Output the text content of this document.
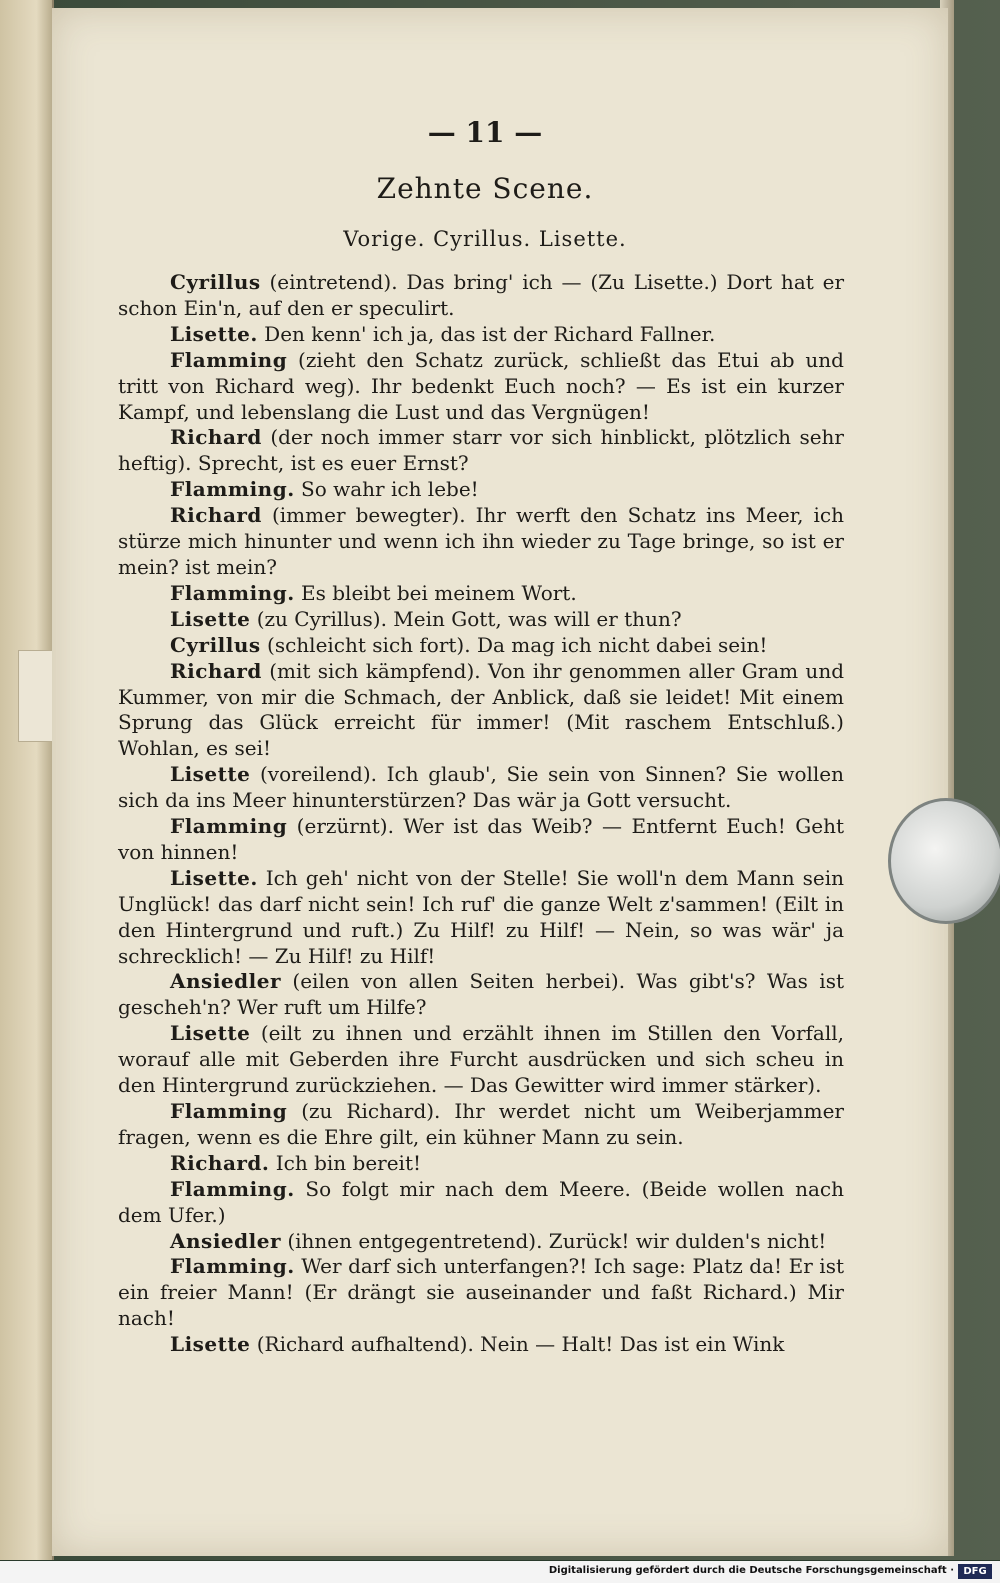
— 11 —
Zehnte Scene.
Vorige. Cyrillus. Lisette.

Cyrillus (eintretend). Das bring' ich — (Zu Lisette.) Dort hat er schon Ein'n, auf den er speculirt.

Lisette. Den kenn' ich ja, das ist der Richard Fallner.

Flamming (zieht den Schatz zurück, schließt das Etui ab und tritt von Richard weg). Ihr bedenkt Euch noch? — Es ist ein kurzer Kampf, und lebenslang die Lust und das Vergnügen!

Richard (der noch immer starr vor sich hinblickt, plötzlich sehr heftig). Sprecht, ist es euer Ernst?

Flamming. So wahr ich lebe!

Richard (immer bewegter). Ihr werft den Schatz ins Meer, ich stürze mich hinunter und wenn ich ihn wieder zu Tage bringe, so ist er mein? ist mein?

Flamming. Es bleibt bei meinem Wort.

Lisette (zu Cyrillus). Mein Gott, was will er thun?

Cyrillus (schleicht sich fort). Da mag ich nicht dabei sein!

Richard (mit sich kämpfend). Von ihr genommen aller Gram und Kummer, von mir die Schmach, der Anblick, daß sie leidet! Mit einem Sprung das Glück erreicht für immer! (Mit raschem Entschluß.) Wohlan, es sei!

Lisette (voreilend). Ich glaub', Sie sein von Sinnen? Sie wollen sich da ins Meer hinunterstürzen? Das wär ja Gott versucht.

Flamming (erzürnt). Wer ist das Weib? — Entfernt Euch! Geht von hinnen!

Lisette. Ich geh' nicht von der Stelle! Sie woll'n dem Mann sein Unglück! das darf nicht sein! Ich ruf' die ganze Welt z'sammen! (Eilt in den Hintergrund und ruft.) Zu Hilf! zu Hilf! — Nein, so was wär' ja schrecklich! — Zu Hilf! zu Hilf!

Ansiedler (eilen von allen Seiten herbei). Was gibt's? Was ist gescheh'n? Wer ruft um Hilfe?

Lisette (eilt zu ihnen und erzählt ihnen im Stillen den Vorfall, worauf alle mit Geberden ihre Furcht ausdrücken und sich scheu in den Hintergrund zurückziehen. — Das Gewitter wird immer stärker).

Flamming (zu Richard). Ihr werdet nicht um Weiberjammer fragen, wenn es die Ehre gilt, ein kühner Mann zu sein.

Richard. Ich bin bereit!

Flamming. So folgt mir nach dem Meere. (Beide wollen nach dem Ufer.)

Ansiedler (ihnen entgegentretend). Zurück! wir dulden's nicht!

Flamming. Wer darf sich unterfangen?! Ich sage: Platz da! Er ist ein freier Mann! (Er drängt sie auseinander und faßt Richard.) Mir nach!

Lisette (Richard aufhaltend). Nein — Halt! Das ist ein Wink

Digitalisierung gefördert durch die Deutsche Forschungsgemeinschaft · DFG
